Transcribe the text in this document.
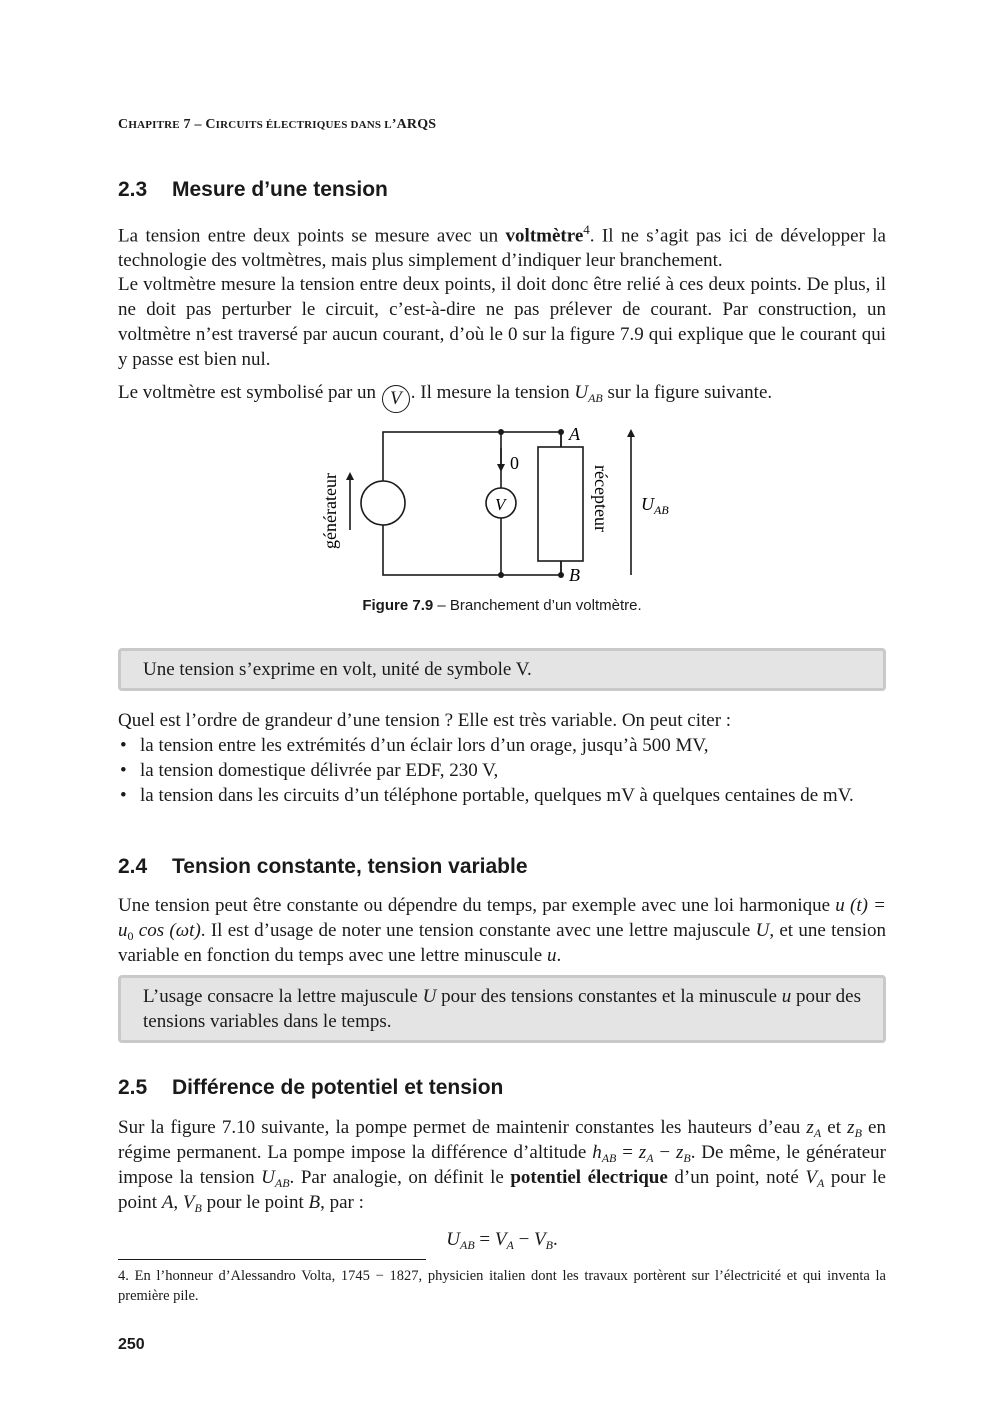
CHAPITRE 7 – CIRCUITS ÉLECTRIQUES DANS L’ARQS
2.3 Mesure d’une tension

La tension entre deux points se mesure avec un voltmètre$^4$. Il ne s’agit pas ici de développer la technologie des voltmètres, mais plus simplement d’indiquer leur branchement.

Le voltmètre mesure la tension entre deux points, il doit donc être relié à ces deux points. De plus, il ne doit pas perturber le circuit, c’est-à-dire ne pas prélever de courant. Par construction, un voltmètre n’est traversé par aucun courant, d’où le 0 sur la figure 7.9 qui explique que le courant qui y passe est bien nul.

Le voltmètre est symbolisé par un V . Il mesure la tension $U_{AB}$ sur la figure suivante.

A
B
0
V
générateur	récepteur $U_{AB}$
Figure 7.9 – Branchement d’un voltmètre.
Une tension s’exprime en volt, unité de symbole V.

Quel est l’ordre de grandeur d’une tension ? Elle est très variable. On peut citer :

• la tension entre les extrémités d’un éclair lors d’un orage, jusqu’à 500 MV,
• la tension domestique délivrée par EDF, 230 V,
• la tension dans les circuits d’un téléphone portable, quelques mV à quelques centaines de mV.
2.4 Tension constante, tension variable

Une tension peut être constante ou dépendre du temps, par exemple avec une loi harmonique u $(t) = u_0$ cos (ωt). Il est d’usage de noter une tension constante avec une lettre majuscule U, et une tension variable en fonction du temps avec une lettre minuscule u.

L’usage consacre la lettre majuscule U pour des tensions constantes et la minuscule u pour des tensions variables dans le temps.
2.5 Différence de potentiel et tension

Sur la figure 7.10 suivante, la pompe permet de maintenir constantes les hauteurs d’eau $z_A$ et $z_B$ en régime permanent. La pompe impose la différence d’altitude $h_{AB} = z_A - z_B$. De même, le générateur impose la tension $U_{AB}$. Par analogie, on définit le potentiel électrique d’un point, noté $V_A$ pour le point A, $V_B$ pour le point B, par :

$U_{AB} = V_A - V_B$.
4. En l’honneur d’Alessandro Volta, 1745 − 1827, physicien italien dont les travaux portèrent sur l’électricité et qui inventa la première pile.
250
